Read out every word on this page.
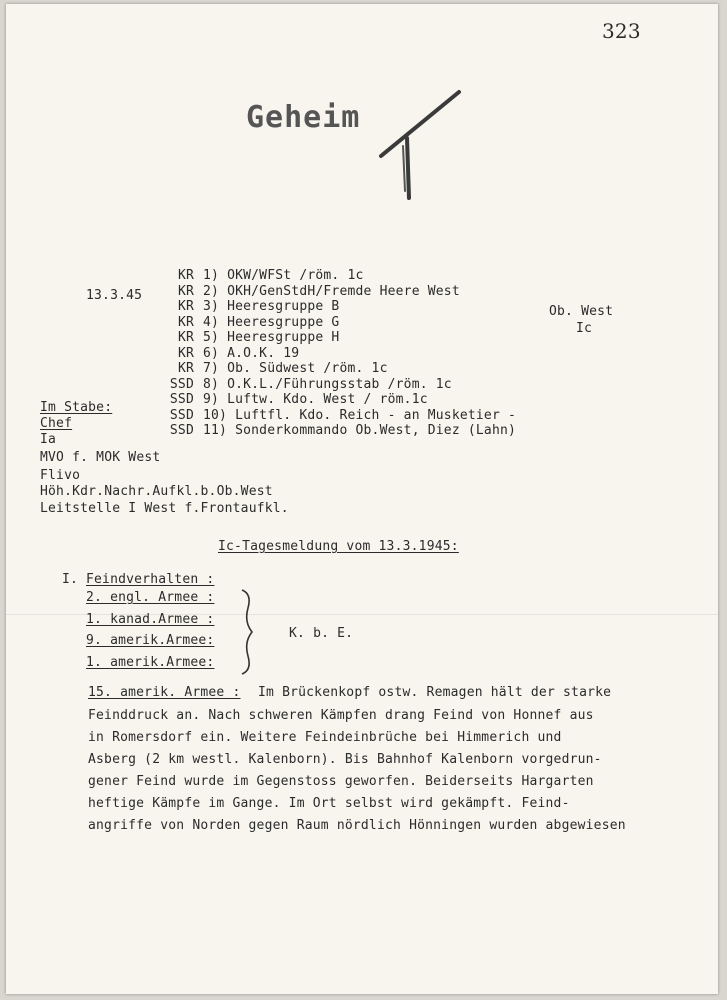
323
Geheim
13.3.45
KR 1) OKW/WFSt /röm. 1c
KR 2) OKH/GenStdH/Fremde Heere West
KR 3) Heeresgruppe B
KR 4) Heeresgruppe G
KR 5) Heeresgruppe H
KR 6) A.O.K. 19
KR 7) Ob. Südwest /röm. 1c
SSD 8) O.K.L./Führungsstab /röm. 1c
SSD 9) Luftw. Kdo. West / röm.1c
SSD 10) Luftfl. Kdo. Reich - an Musketier -
SSD 11) Sonderkommando Ob.West, Diez (Lahn)
Ob. West
Ic
Im Stabe:
Chef
Ia
MVO f. MOK West
Flivo
Höh.Kdr.Nachr.Aufkl.b.Ob.West
Leitstelle I West f.Frontaufkl.
Ic-Tagesmeldung vom 13.3.1945:
I. Feindverhalten :
2. engl. Armee :
1. kanad.Armee :
9. amerik.Armee:
1. amerik.Armee:
K. b. E.
15. amerik. Armee : Im Brückenkopf ostw. Remagen hält der starke
Feinddruck an. Nach schweren Kämpfen drang Feind von Honnef aus
in Romersdorf ein. Weitere Feindeinbrüche bei Himmerich und
Asberg (2 km westl. Kalenborn). Bis Bahnhof Kalenborn vorgedrun-
gener Feind wurde im Gegenstoss geworfen. Beiderseits Hargarten
heftige Kämpfe im Gange. Im Ort selbst wird gekämpft. Feind-
angriffe von Norden gegen Raum nördlich Hönningen wurden abgewiesen
